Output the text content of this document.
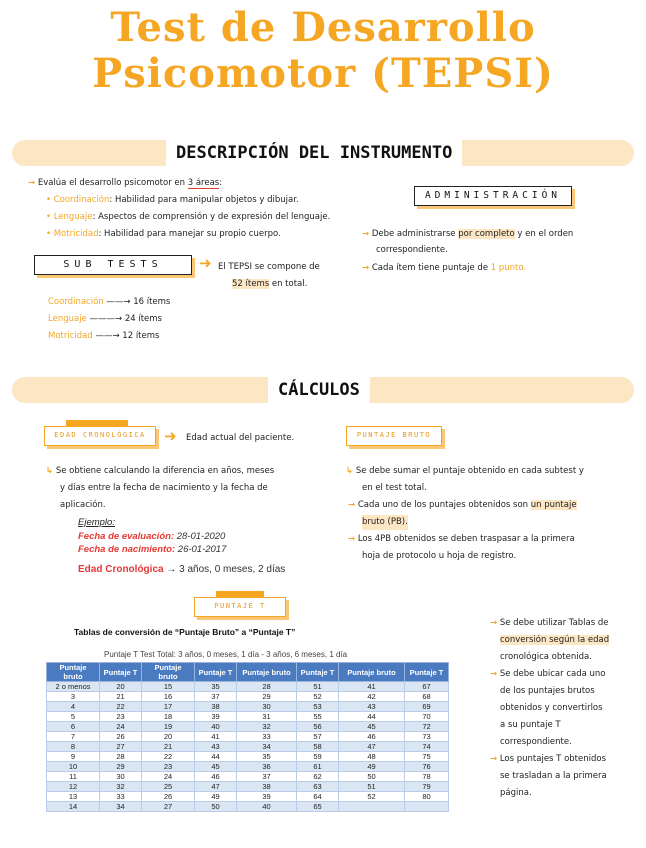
Test de Desarrollo
Psicomotor (TEPSI)
DESCRIPCIÓN DEL INSTRUMENTO
→ Evalúa el desarrollo psicomotor en 3 áreas:
• Coordinación: Habilidad para manipular objetos y dibujar.
• Lenguaje: Aspectos de comprensión y de expresión del lenguaje.
• Motricidad: Habilidad para manejar su propio cuerpo.
SUB TESTS	➜ El TEPSI se compone de
52 ítems en total.
Coordinación ——→ 16 ítems
Lenguaje ———→ 24 ítems
Motricidad ——→ 12 ítems
ADMINISTRACIÓN
→ Debe administrarse por completo y en el orden
correspondiente.
→ Cada ítem tiene puntaje de 1 punto.
CÁLCULOS
EDAD CRONOLÓGICA	➜ Edad actual del paciente.
↳ Se obtiene calculando la diferencia en años, meses
y días entre la fecha de nacimiento y la fecha de
aplicación.
Ejemplo:
Fecha de evaluación: 28-01-2020
Fecha de nacimiento: 26-01-2017
Edad Cronológica → 3 años, 0 meses, 2 días
PUNTAJE BRUTO
↳ Se debe sumar el puntaje obtenido en cada subtest y
en el test total.
→ Cada uno de los puntajes obtenidos son un puntaje
bruto (PB).
→ Los 4PB obtenidos se deben traspasar a la primera
hoja de protocolo u hoja de registro.
PUNTAJE T
Tablas de conversión de “Puntaje Bruto” a “Puntaje T”
Puntaje T Test Total: 3 años, 0 meses, 1 día - 3 años, 6 meses, 1 día
Puntaje bruto	Puntaje T	Puntaje bruto	Puntaje T	Puntaje bruto	Puntaje T	Puntaje bruto	Puntaje T
2 o menos	20	15	35	28	51	41	67
3	21	16	37	29	52	42	68
4	22	17	38	30	53	43	69
5	23	18	39	31	55	44	70
6	24	19	40	32	56	45	72
7	26	20	41	33	57	46	73
8	27	21	43	34	58	47	74
9	28	22	44	35	59	48	75
10	29	23	45	36	61	49	76
11	30	24	46	37	62	50	78
12	32	25	47	38	63	51	79
13	33	26	49	39	64	52	80
14	34	27	50	40	65		
→ Se debe utilizar Tablas de
conversión según la edad
cronológica obtenida.
→ Se debe ubicar cada uno
de los puntajes brutos
obtenidos y convertirlos
a su puntaje T
correspondiente.
→ Los puntajes T obtenidos
se trasladan a la primera
página.
